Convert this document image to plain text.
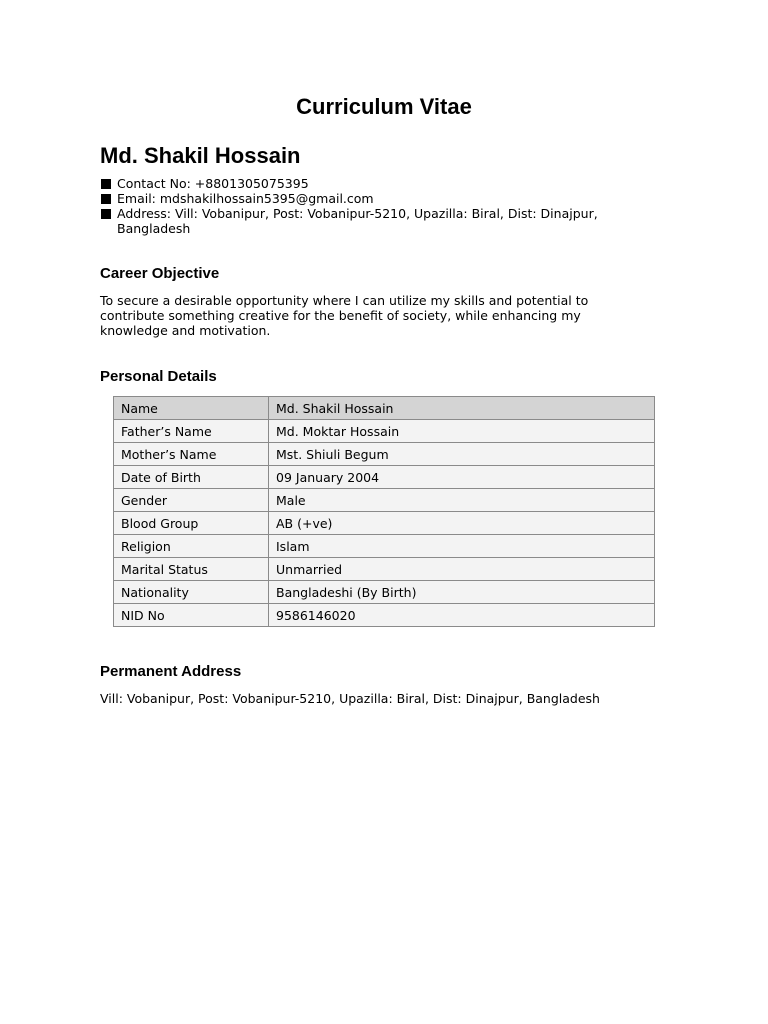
Curriculum Vitae
Md. Shakil Hossain
Contact No: +8801305075395
Email: mdshakilhossain5395@gmail.com
Address: Vill: Vobanipur, Post: Vobanipur-5210, Upazilla: Biral, Dist: Dinajpur, Bangladesh
Career Objective
To secure a desirable opportunity where I can utilize my skills and potential to contribute something creative for the benefit of society, while enhancing my knowledge and motivation.
Personal Details
Name	Md. Shakil Hossain
Father’s Name	Md. Moktar Hossain
Mother’s Name	Mst. Shiuli Begum
Date of Birth	09 January 2004
Gender	Male
Blood Group	AB (+ve)
Religion	Islam
Marital Status	Unmarried
Nationality	Bangladeshi (By Birth)
NID No	9586146020
Permanent Address
Vill: Vobanipur, Post: Vobanipur-5210, Upazilla: Biral, Dist: Dinajpur, Bangladesh
